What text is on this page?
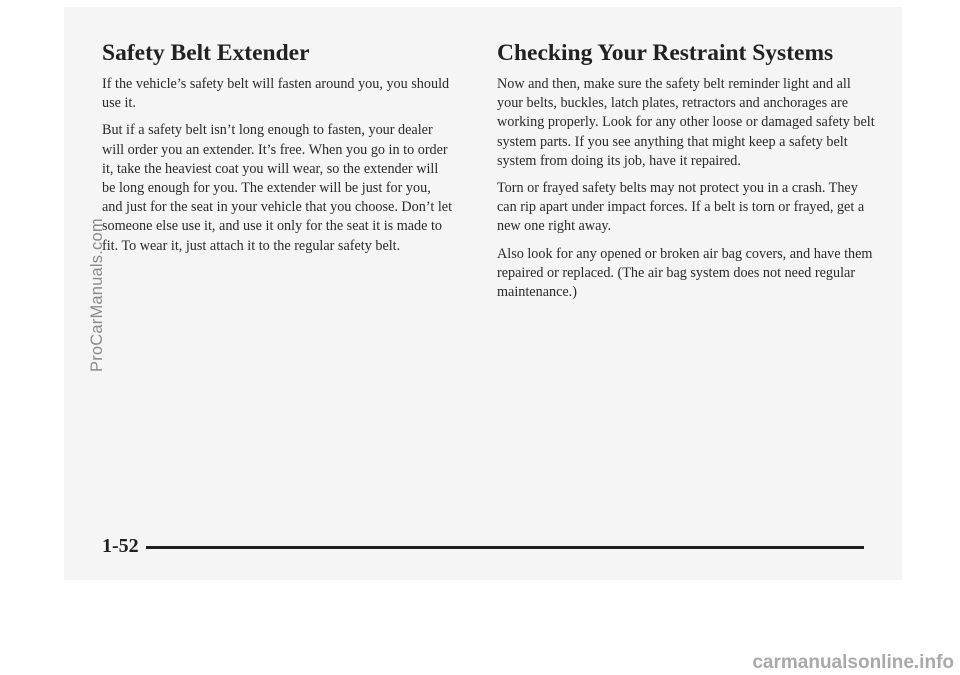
Safety Belt Extender

If the vehicle’s safety belt will fasten around you, you should use it.

But if a safety belt isn’t long enough to fasten, your dealer will order you an extender. It’s free. When you go in to order it, take the heaviest coat you will wear, so the extender will be long enough for you. The extender will be just for you, and just for the seat in your vehicle that you choose. Don’t let someone else use it, and use it only for the seat it is made to fit. To wear it, just attach it to the regular safety belt.

Checking Your Restraint Systems

Now and then, make sure the safety belt reminder light and all your belts, buckles, latch plates, retractors and anchorages are working properly. Look for any other loose or damaged safety belt system parts. If you see anything that might keep a safety belt system from doing its job, have it repaired.

Torn or frayed safety belts may not protect you in a crash. They can rip apart under impact forces. If a belt is torn or frayed, get a new one right away.

Also look for any opened or broken air bag covers, and have them repaired or replaced. (The air bag system does not need regular maintenance.)

1-52
ProCarManuals.com
carmanualsonline.info
